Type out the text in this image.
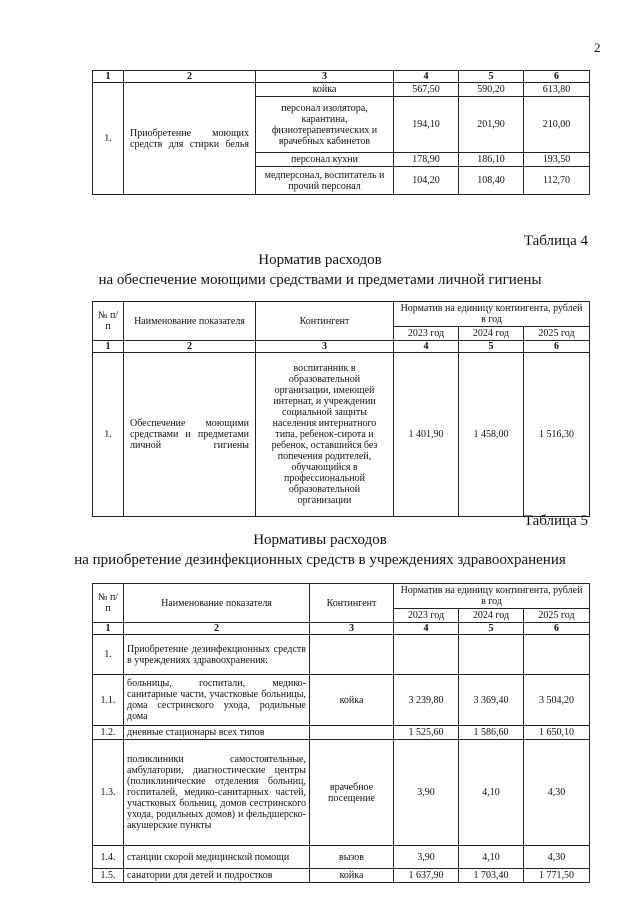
2
1	2	3	4	5	6
1.	Приобретение моющих средств для стирки белья	койка	567,50	590,20	613,80
		персонал изолятора, карантина, физиотерапевтических и врачебных кабинетов	194,10	201,90	210,00
		персонал кухни	178,90	186,10	193,50
		медперсонал, воспитатель и прочий персонал	104,20	108,40	112,70
Таблица 4
Норматив расходов
на обеспечение моющими средствами и предметами личной гигиены
№ п/п	Наименование показателя	Контингент	Норматив на единицу контингента, рублей в год		
			2023 год	2024 год	2025 год
1	2	3	4	5	6
1.	Обеспечение моющими средствами и предметами личной гигиены	воспитанник в образовательной организации, имеющей интернат, и учреждении социальной защиты населения интернатного типа, ребенок-сирота и ребенок, оставшийся без попечения родителей, обучающийся в профессиональной образовательной организации	1 401,90	1 458,00	1 516,30
Таблица 5
Нормативы расходов
на приобретение дезинфекционных средств в учреждениях здравоохранения
№ п/п	Наименование показателя	Контингент	Норматив на единицу контингента, рублей в год		
			2023 год	2024 год	2025 год
1	2	3	4	5	6
1.	Приобретение дезинфекционных средств в учреждениях здравоохранения:				
1.1.	больницы, госпитали, медико-санитарные части, участковые больницы, дома сестринского ухода, родильные дома	койка	3 239,80	3 369,40	3 504,20
1.2.	дневные стационары всех типов		1 525,60	1 586,60	1 650,10
1.3.	поликлиники самостоятельные, амбулатории, диагностические центры (поликлинические отделения больниц, госпиталей, медико-санитарных частей, участковых больниц, домов сестринского ухода, родильных домов) и фельдшерско-акушерские пункты	врачебное посещение	3,90	4,10	4,30
1.4.	станции скорой медицинской помощи	вызов	3,90	4,10	4,30
1.5.	санатории для детей и подростков	койка	1 637,90	1 703,40	1 771,50
